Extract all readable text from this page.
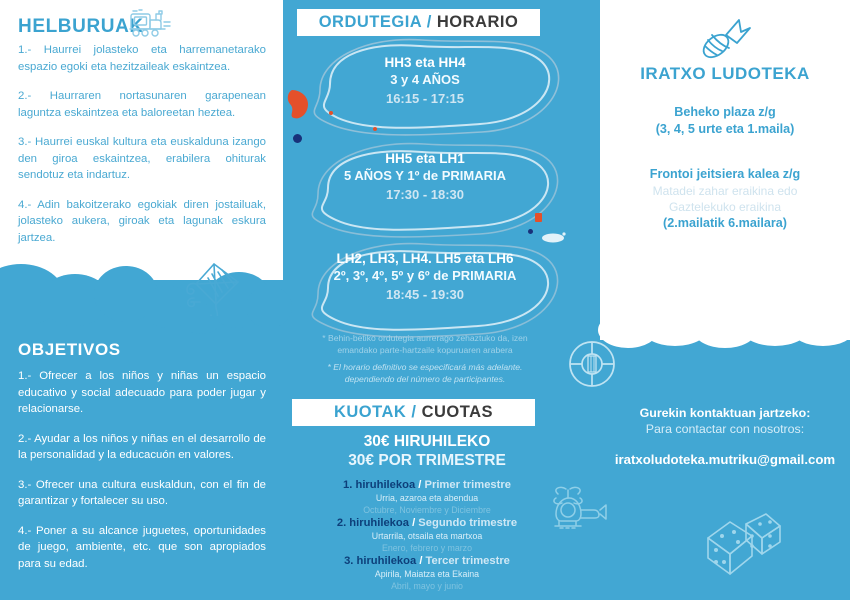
HELBURUAK

1.- Haurrei jolasteko eta harremanetarako espazio egoki eta hezitzaileak eskaintzea.

2.- Haurraren nortasunaren garapenean laguntza eskaintzea eta baloreetan heztea.

3.- Haurrei euskal kultura eta euskalduna izango den giroa eskaintzea, erabilera ohiturak sendotuz eta indartuz.

4.- Adin bakoitzerako egokiak diren jostailuak, jolasteko aukera, giroak eta lagunak eskura jartzea.

OBJETIVOS

1.- Ofrecer a los niños y niñas un espacio educativo y social adecuado para poder jugar y relacionarse.

2.- Ayudar a los niños y niñas en el desarrollo de la personalidad y la educacuón en valores.

3.- Ofrecer una cultura euskaldun, con el fin de garantizar y fortalecer su uso.

4.- Poner a su alcance juguetes, oportunidades de juego, ambiente, etc. que son apropiados para su edad.

ORDUTEGIA / HORARIO
HH3 eta HH4
3 y 4 AÑOS
16:15 - 17:15
HH5 eta LH1
5 AÑOS Y 1º de PRIMARIA
17:30 - 18:30
LH2, LH3, LH4. LH5 eta LH6
2º, 3º, 4º, 5º y 6º de PRIMARIA
18:45 - 19:30
* Behin-betiko ordutegia aurrerago zehaztuko da, izen
emandako parte-hartzaile kopuruaren arabera
* El horario definitivo se especificará más adelante.
dependiendo del número de participantes.
KUOTAK / CUOTAS
30€ HIRUHILEKO
30€ POR TRIMESTRE
1. hiruhilekoa / Primer trimestre
Urria, azaroa eta abendua
Octubre, Noviembre y Diciembre
2. hiruhilekoa / Segundo trimestre
Urtarrila, otsaila eta martxoa
Enero, febrero y marzo
3. hiruhilekoa / Tercer trimestre
Apirila, Maiatza eta Ekaina
Abril, mayo y junio
IRATXO LUDOTEKA
Beheko plaza z/g
(3, 4, 5 urte eta 1.maila)
Frontoi jeitsiera kalea z/g
Matadei zahar eraikina edo
Gaztelekuko eraikina
(2.mailatik 6.mailara)
Gurekin kontaktuan jartzeko:
Para contactar con nosotros:
iratxoludoteka.mutriku@gmail.com
